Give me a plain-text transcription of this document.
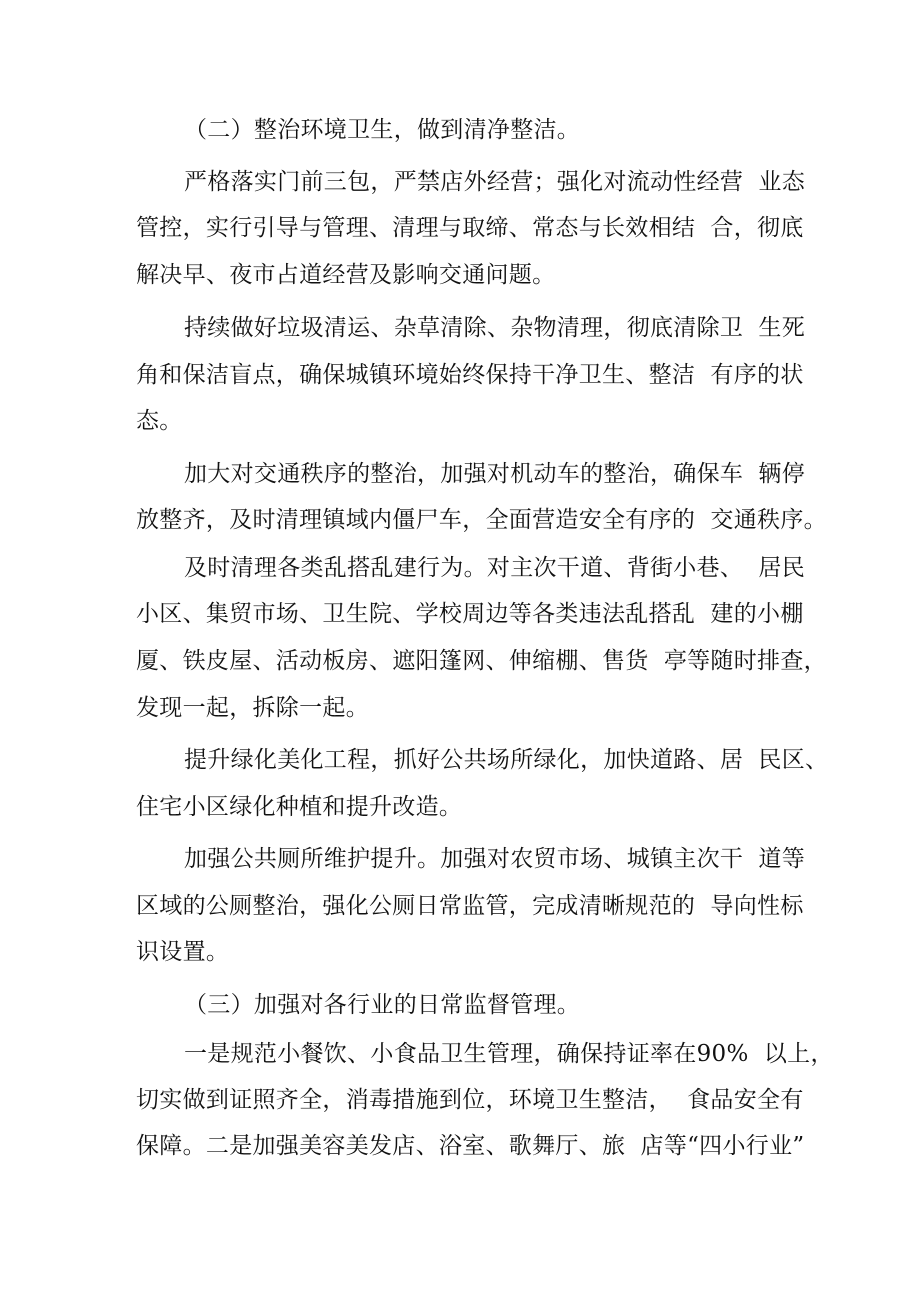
（二）整治环境卫生，做到清净整洁。
严格落实门前三包，严禁店外经营；强化对流动性经营  业态
管控，实行引导与管理、清理与取缔、常态与长效相结  合，彻底
解决早、夜市占道经营及影响交通问题。
持续做好垃圾清运、杂草清除、杂物清理，彻底清除卫  生死
角和保洁盲点，确保城镇环境始终保持干净卫生、整洁  有序的状
态。
加大对交通秩序的整治，加强对机动车的整治，确保车  辆停
放整齐，及时清理镇域内僵尸车，全面营造安全有序的  交通秩序。
及时清理各类乱搭乱建行为。对主次干道、背街小巷、  居民
小区、集贸市场、卫生院、学校周边等各类违法乱搭乱  建的小棚
厦、铁皮屋、活动板房、遮阳篷网、伸缩棚、售货  亭等随时排查，
发现一起，拆除一起。
提升绿化美化工程，抓好公共场所绿化，加快道路、居  民区、
住宅小区绿化种植和提升改造。
加强公共厕所维护提升。加强对农贸市场、城镇主次干  道等
区域的公厕整治，强化公厕日常监管，完成清晰规范的  导向性标
识设置。
（三）加强对各行业的日常监督管理。
一是规范小餐饮、小食品卫生管理，确保持证率在90%  以上，
切实做到证照齐全，消毒措施到位，环境卫生整洁，  食品安全有
保障。二是加强美容美发店、浴室、歌舞厅、旅  店等“四小行业”
